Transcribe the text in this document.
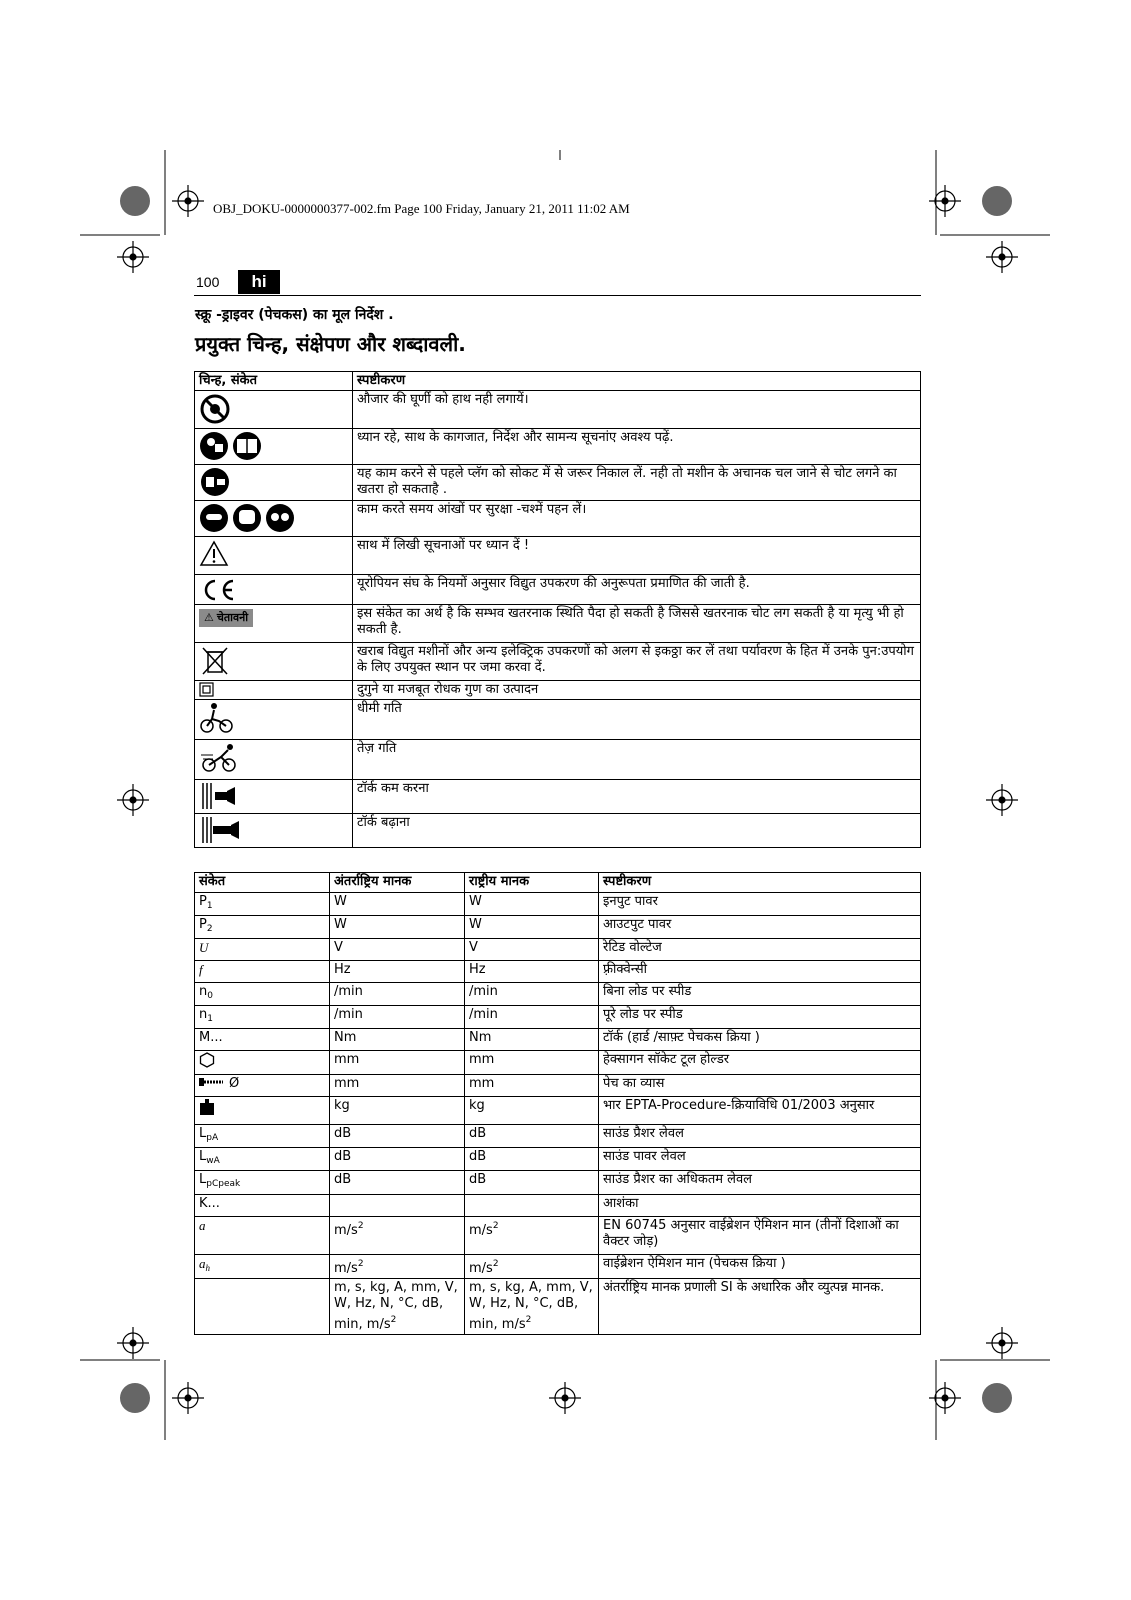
OBJ_DOKU-0000000377-002.fm Page 100 Friday, January 21, 2011 11:02 AM
100	hi
स्क्रू -ड्राइवर (पेचकस) का मूल निर्देश .
प्रयुक्त चिन्ह, संक्षेपण और शब्दावली.
चिन्ह, संकेत	स्पष्टीकरण

	औजार की घूर्णी को हाथ नही लगायें।

	ध्यान रहे, साथ के कागजात, निर्देश और सामन्य सूचनांए अवश्य पढ़ें.

	यह काम करने से पहले प्लॅग को सोकट में से जरूर निकाल लें. नही तो मशीन के अचानक चल जाने से चोट लगने का खतरा हो सकताहै .

	काम करते समय आंखों पर सुरक्षा -चश्में पहन लें।

	साथ में लिखी सूचनाओं पर ध्यान दें !

	यूरोपियन संघ के नियमों अनुसार विद्युत उपकरण की अनुरूपता प्रमाणित की जाती है.

⚠ चेतावनी	इस संकेत का अर्थ है कि सम्भव खतरनाक स्थिति पैदा हो सकती है जिससे खतरनाक चोट लग सकती है या मृत्यु भी हो सकती है.

	खराब विद्युत मशीनों और अन्य इलेक्ट्रिक उपकरणों को अलग से इकठ्ठा कर लें तथा पर्यावरण के हित में उनके पुन:उपयोग के लिए उपयुक्त स्थान पर जमा करवा दें.

	दुगुने या मजबूत रोधक गुण का उत्पादन

	धीमी गति

	तेज़ गति

	टॉर्क कम करना

	टॉर्क बढ़ाना
संकेत	अंतर्राष्ट्रिय मानक	राष्ट्रीय मानक	स्पष्टीकरण
$P_1$	W	W	इनपुट पावर
$P_2$	W	W	आउटपुट पावर
U	V	V	रेटिड वोल्टेज
f	Hz	Hz	फ़्रीक्वेन्सी
$n_0$	/min	/min	बिना लोड पर स्पीड
$n_1$	/min	/min	पूरे लोड पर स्पीड
M...	Nm	Nm	टॉर्क (हार्ड /साफ़्ट पेचकस क्रिया )
	mm	mm	हेक्सागन सॉकेट टूल होल्डर
Ø	mm	mm	पेच का व्यास
	kg	kg	भार EPTA-Procedure-क्रियाविधि 01/2003 अनुसार
$L_{pA}$	dB	dB	साउंड प्रैशर लेवल
$L_{wA}$	dB	dB	साउंड पावर लेवल
$L_{pCpeak}$	dB	dB	साउंड प्रैशर का अधिकतम लेवल
K...			आशंका
a	$m/s^2$	$m/s^2$	EN 60745 अनुसार वाईब्रेशन ऐमिशन मान (तीनों दिशाओं का वैक्टर जोड़)
$a_h$	$m/s^2$	$m/s^2$	वाईब्रेशन ऐमिशन मान (पेचकस क्रिया )
	m, s, kg, A, mm, V, W, Hz, N, °C, dB, min, $m/s^2$	m, s, kg, A, mm, V, W, Hz, N, °C, dB, min, $m/s^2$	अंतर्राष्ट्रिय मानक प्रणाली SI के अधारिक और व्युत्पन्न मानक.
